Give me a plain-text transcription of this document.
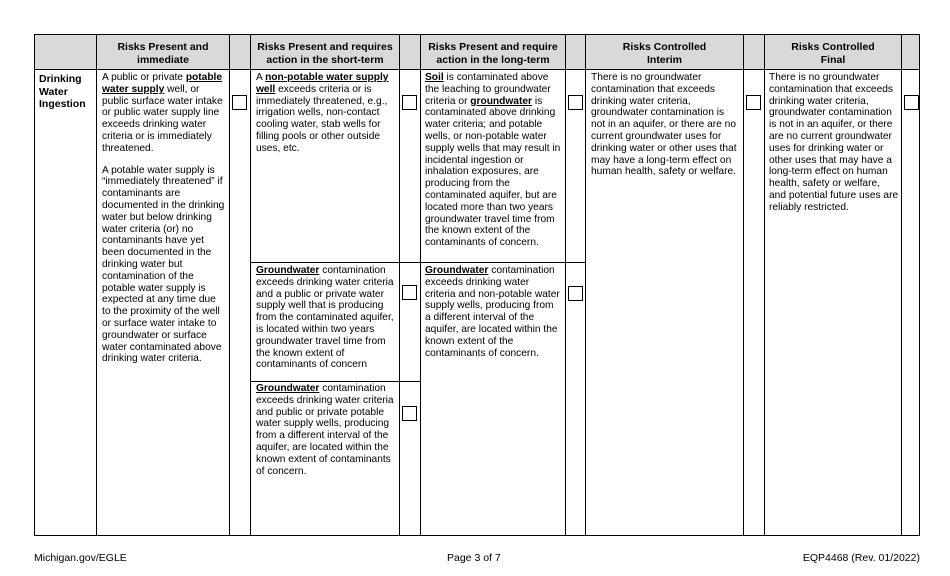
Risks Present and immediate
Risks Present and requires action in the short-term
Risks Present and require action in the long-term
Risks Controlled
Interim
Risks Controlled
Final
Drinking Water Ingestion

A public or private potable water supply well, or public surface water intake or public water supply line exceeds drinking water criteria or is immediately threatened.

A potable water supply is “immediately threatened” if contaminants are documented in the drinking water but below drinking water criteria (or) no contaminants have yet been documented in the drinking water but contamination of the potable water supply is expected at any time due to the proximity of the well or surface water intake to groundwater or surface water contaminated above drinking water criteria.

A non-potable water supply well exceeds criteria or is immediately threatened, e.g., irrigation wells, non-contact cooling water, stab wells for filling pools or other outside uses, etc.
Groundwater contamination exceeds drinking water criteria and a public or private water supply well that is producing from the contaminated aquifer, is located within two years groundwater travel time from the known extent of contaminants of concern
Groundwater contamination exceeds drinking water criteria and public or private potable water supply wells, producing from a different interval of the aquifer, are located within the known extent of contaminants of concern.
Soil is contaminated above the leaching to groundwater criteria or groundwater is contaminated above drinking water criteria; and potable wells, or non-potable water supply wells that may result in incidental ingestion or inhalation exposures, are producing from the contaminated aquifer, but are located more than two years groundwater travel time from the known extent of the contaminants of concern.
Groundwater contamination exceeds drinking water criteria and non-potable water supply wells, producing from a different interval of the aquifer, are located within the known extent of the contaminants of concern.
There is no groundwater contamination that exceeds drinking water criteria, groundwater contamination is not in an aquifer, or there are no current groundwater uses for drinking water or other uses that may have a long-term effect on human health, safety or welfare.
There is no groundwater contamination that exceeds drinking water criteria, groundwater contamination is not in an aquifer, or there are no current groundwater uses for drinking water or other uses that may have a long-term effect on human health, safety or welfare, and potential future uses are reliably restricted.
Michigan.gov/EGLE	Page 3 of 7	EQP4468 (Rev. 01/2022)
